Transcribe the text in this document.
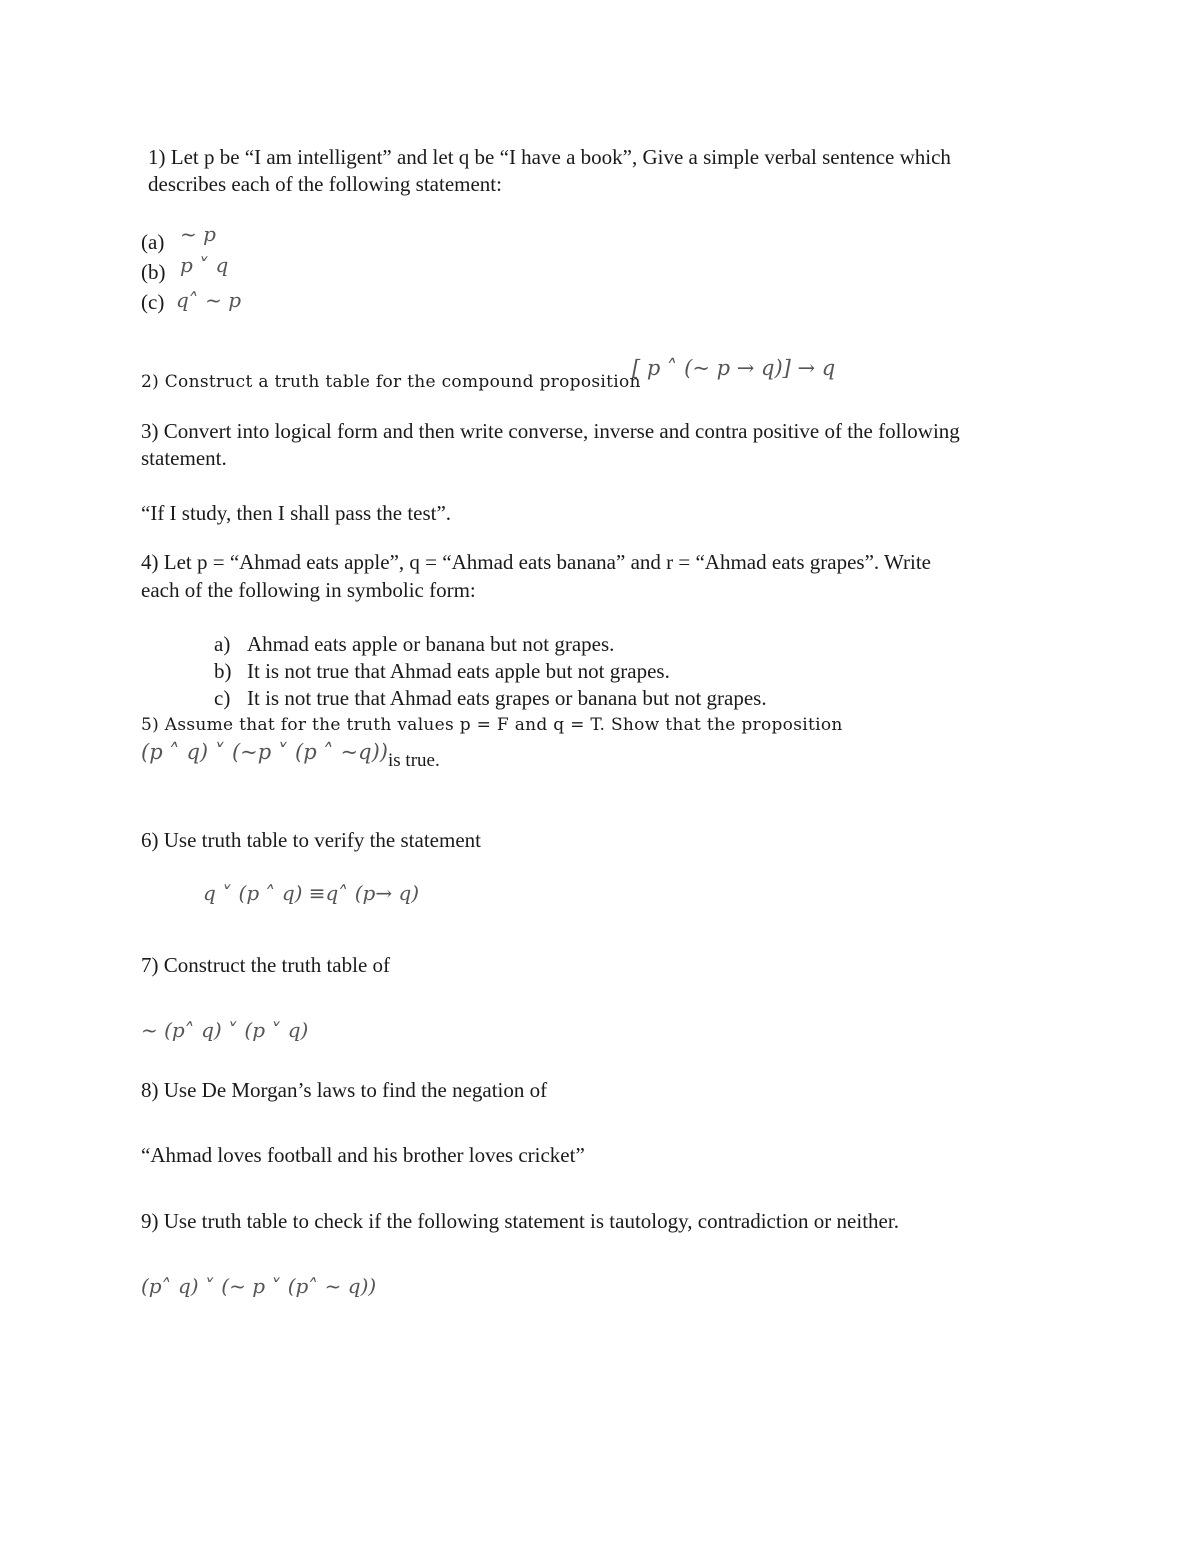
1) Let p be “I am intelligent” and let q be “I have a book”, Give a simple verbal sentence which
describes each of the following statement:
(a) ~ p
(b) p ˅ q
(c) q˄ ~ p
2) Construct a truth table for the compound proposition
[ p ˄ (~ p → q)] → q
3) Convert into logical form and then write converse, inverse and contra positive of the following
statement.
“If I study, then I shall pass the test”.
4) Let p = “Ahmad eats apple”, q = “Ahmad eats banana” and r = “Ahmad eats grapes”. Write
each of the following in symbolic form:
a) Ahmad eats apple or banana but not grapes.
b) It is not true that Ahmad eats apple but not grapes.
c) It is not true that Ahmad eats grapes or banana but not grapes.
5) Assume that for the truth values p = F and q = T. Show that the proposition
(p ˄ q) ˅ (~p ˅ (p ˄ ~q)) is true.
6) Use truth table to verify the statement
q ˅ (p ˄ q) ≡q˄ (p→ q)
7) Construct the truth table of
~ (p˄ q) ˅ (p ˅ q)
8) Use De Morgan’s laws to find the negation of
“Ahmad loves football and his brother loves cricket”
9) Use truth table to check if the following statement is tautology, contradiction or neither.
(p˄ q) ˅ (~ p ˅ (p˄ ~ q))
